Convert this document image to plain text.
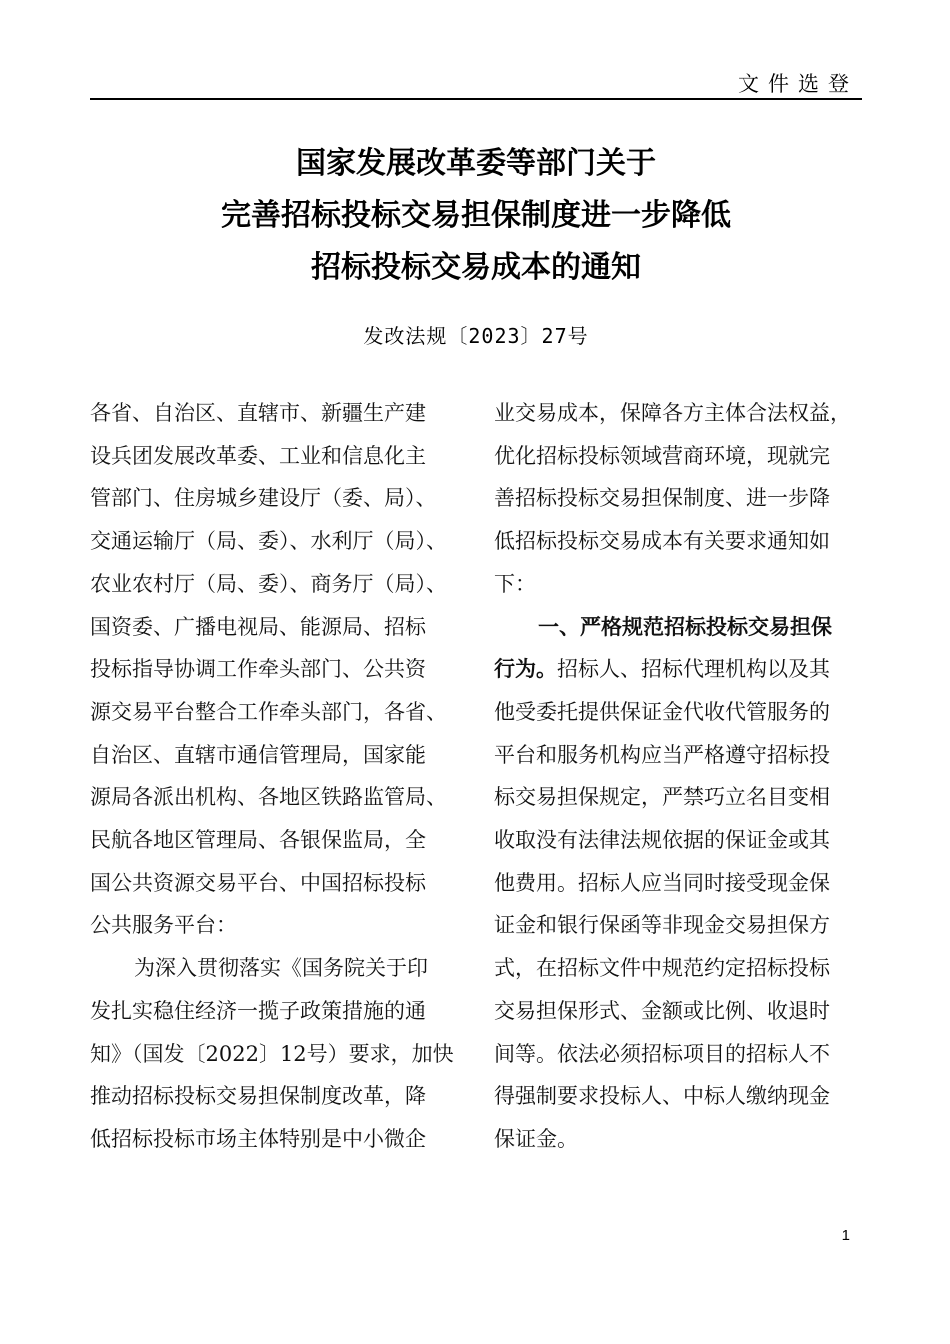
文件选登
国家发展改革委等部门关于
完善招标投标交易担保制度进一步降低
招标投标交易成本的通知
发改法规〔2023〕27号
各省、自治区、直辖市、新疆生产建
设兵团发展改革委、工业和信息化主
管部门、住房城乡建设厅（委、局）、
交通运输厅（局、委）、水利厅（局）、
农业农村厅（局、委）、商务厅（局）、
国资委、广播电视局、能源局、招标
投标指导协调工作牵头部门、公共资
源交易平台整合工作牵头部门，各省、
自治区、直辖市通信管理局，国家能
源局各派出机构、各地区铁路监管局、
民航各地区管理局、各银保监局，全
国公共资源交易平台、中国招标投标
公共服务平台：
为深入贯彻落实《国务院关于印
发扎实稳住经济一揽子政策措施的通
知》（国发〔2022〕12号）要求，加快
推动招标投标交易担保制度改革，降
低招标投标市场主体特别是中小微企
业交易成本，保障各方主体合法权益，
优化招标投标领域营商环境，现就完
善招标投标交易担保制度、进一步降
低招标投标交易成本有关要求通知如
下：
一、严格规范招标投标交易担保
行为。招标人、招标代理机构以及其
他受委托提供保证金代收代管服务的
平台和服务机构应当严格遵守招标投
标交易担保规定，严禁巧立名目变相
收取没有法律法规依据的保证金或其
他费用。招标人应当同时接受现金保
证金和银行保函等非现金交易担保方
式，在招标文件中规范约定招标投标
交易担保形式、金额或比例、收退时
间等。依法必须招标项目的招标人不
得强制要求投标人、中标人缴纳现金
保证金。
1
